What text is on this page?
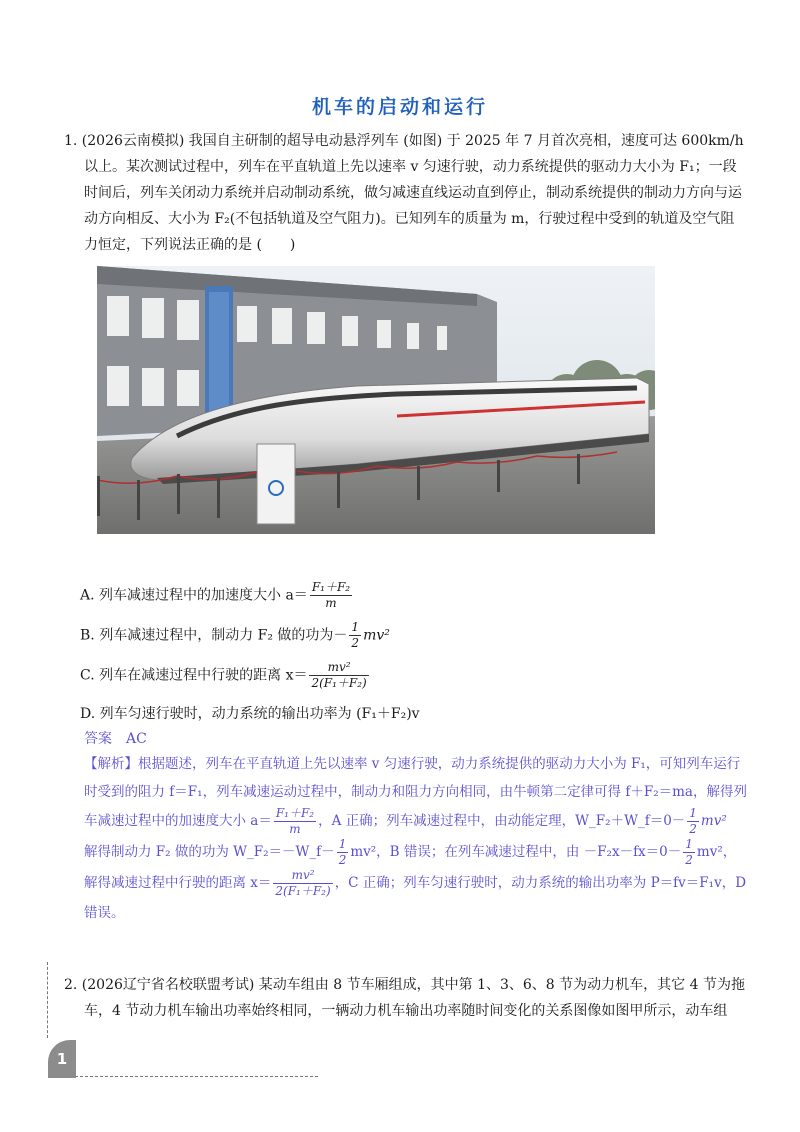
机车的启动和运行

1. (2026云南模拟) 我国自主研制的超导电动悬浮列车 (如图) 于 2025 年 7 月首次亮相，速度可达 600km/h 以上。某次测试过程中，列车在平直轨道上先以速率 v 匀速行驶，动力系统提供的驱动力大小为 F₁；一段时间后，列车关闭动力系统并启动制动系统，做匀减速直线运动直到停止，制动系统提供的制动力方向与运动方向相反、大小为 F₂(不包括轨道及空气阻力)。已知列车的质量为 m，行驶过程中受到的轨道及空气阻力恒定，下列说法正确的是 (　　)

A. 列车减速过程中的加速度大小 $a= \frac{\text{F₁＋F₂}}{m}$
B. 列车减速过程中，制动力 F₂ 做的功为－ $\frac{1}{2} mv^2$
C. 列车在减速过程中行驶的距离 $x= \frac{\text{mv²}}{\text{2(F₁＋F₂)}}$
D. 列车匀速行驶时，动力系统的输出功率为 (F₁＋F₂)v
答案　AC

【解析】根据题述，列车在平直轨道上先以速率 v 匀速行驶，动力系统提供的驱动力大小为 F₁，可知列车运行时受到的阻力 f＝F₁，列车减速运动过程中，制动力和阻力方向相同，由牛顿第二定律可得 f＋F₂＝ma，解得列车减速过程中的加速度大小 $a= \frac{\text{F₁＋F₂}}{m}$ ，A 正确；列车减速过程中，由动能定理，W_F₂＋W_f＝0－ $\frac{1}{2} mv^2$

解得制动力 F₂ 做的功为 W_F₂＝－W_f－ $\frac{1}{2} mv^2$，B 错误；在列车减速过程中，由 $-F_2x-fx=0- \frac{1}{2} mv^2$，解得减速过程中行驶的距离 $x= \frac{\text{mv²}}{\text{2(F₁＋F₂)}}$ ，C 正确；列车匀速行驶时，动力系统的输出功率为 P＝fv＝F₁v，D 错误。

2. (2026辽宁省名校联盟考试) 某动车组由 8 节车厢组成，其中第 1、3、6、8 节为动力机车，其它 4 节为拖车，4 节动力机车输出功率始终相同，一辆动力机车输出功率随时间变化的关系图像如图甲所示，动车组

1
